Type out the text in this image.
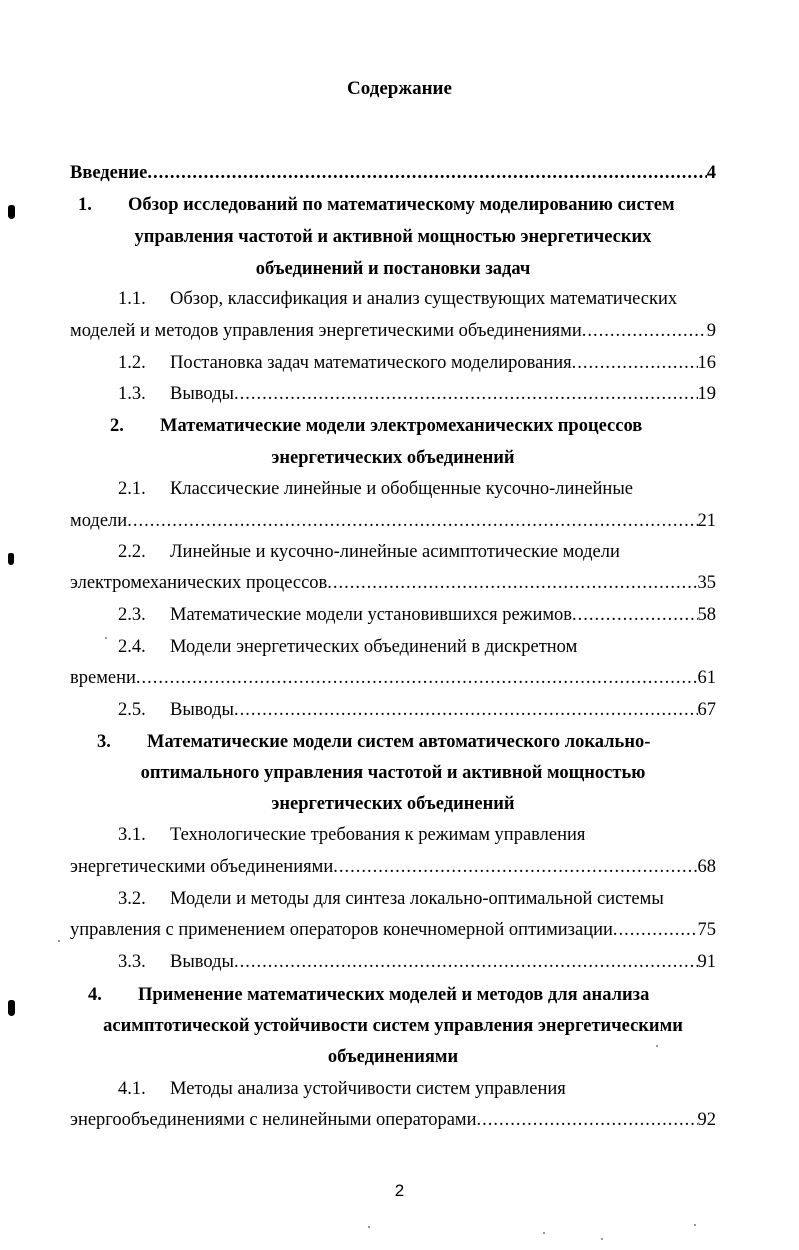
Содержание
Введение .....	4
1. Обзор исследований по математическому моделированию систем
управления частотой и активной мощностью энергетических
объединений и постановки задач
1.1. Обзор, классификация и анализ существующих математических
моделей и методов управления энергетическими объединениями .....	9
1.2.	Постановка задач математического моделирования .....	16
1.3.	Выводы .....	19
2. Математические модели электромеханических процессов
энергетических объединений
2.1. Классические линейные и обобщенные кусочно-линейные
модели .....	21
2.2. Линейные и кусочно-линейные асимптотические модели
электромеханических процессов .....	35
2.3.	Математические модели установившихся режимов .....	58
2.4. Модели энергетических объединений в дискретном
времени .....	61
2.5.	Выводы .....	67
3. Математические модели систем автоматического локально-
оптимального управления частотой и активной мощностью
энергетических объединений
3.1. Технологические требования к режимам управления
энергетическими объединениями .....	68
3.2. Модели и методы для синтеза локально-оптимальной системы
управления с применением операторов конечномерной оптимизации .....	75
3.3.	Выводы .....	91
4. Применение математических моделей и методов для анализа
асимптотической устойчивости систем управления энергетическими
объединениями
4.1. Методы анализа устойчивости систем управления
энергообъединениями с нелинейными операторами .....	92
2
